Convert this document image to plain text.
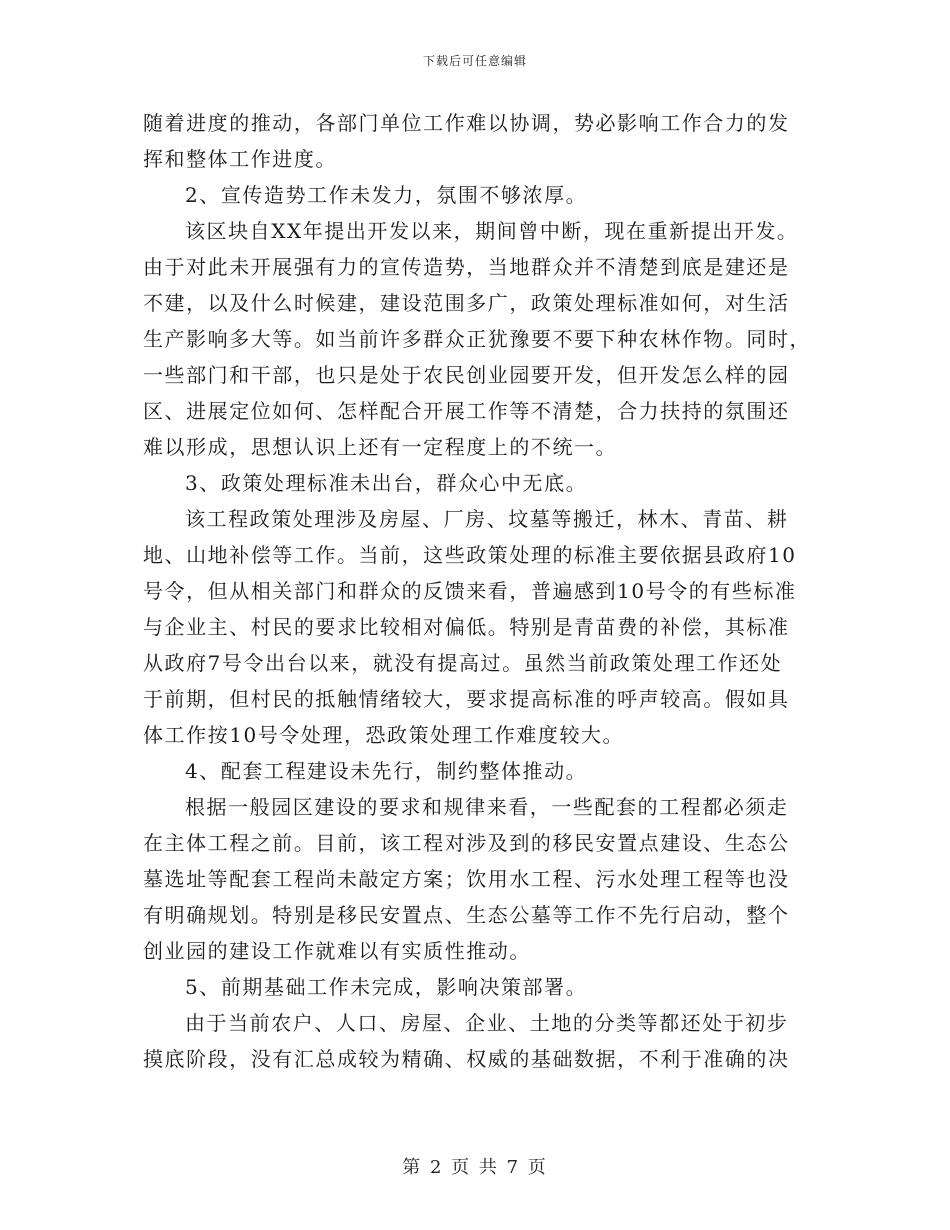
下载后可任意编辑
随着进度的推动，各部门单位工作难以协调，势必影响工作合力的发
挥和整体工作进度。
2、宣传造势工作未发力，氛围不够浓厚。
该区块自XX年提出开发以来，期间曾中断，现在重新提出开发。
由于对此未开展强有力的宣传造势，当地群众并不清楚到底是建还是
不建，以及什么时候建，建设范围多广，政策处理标准如何，对生活
生产影响多大等。如当前许多群众正犹豫要不要下种农林作物。同时，
一些部门和干部，也只是处于农民创业园要开发，但开发怎么样的园
区、进展定位如何、怎样配合开展工作等不清楚，合力扶持的氛围还
难以形成，思想认识上还有一定程度上的不统一。
3、政策处理标准未出台，群众心中无底。
该工程政策处理涉及房屋、厂房、坟墓等搬迁，林木、青苗、耕
地、山地补偿等工作。当前，这些政策处理的标准主要依据县政府10
号令，但从相关部门和群众的反馈来看，普遍感到10号令的有些标准
与企业主、村民的要求比较相对偏低。特别是青苗费的补偿，其标准
从政府7号令出台以来，就没有提高过。虽然当前政策处理工作还处
于前期，但村民的抵触情绪较大，要求提高标准的呼声较高。假如具
体工作按10号令处理，恐政策处理工作难度较大。
4、配套工程建设未先行，制约整体推动。
根据一般园区建设的要求和规律来看，一些配套的工程都必须走
在主体工程之前。目前，该工程对涉及到的移民安置点建设、生态公
墓选址等配套工程尚未敲定方案；饮用水工程、污水处理工程等也没
有明确规划。特别是移民安置点、生态公墓等工作不先行启动，整个
创业园的建设工作就难以有实质性推动。
5、前期基础工作未完成，影响决策部署。
由于当前农户、人口、房屋、企业、土地的分类等都还处于初步
摸底阶段，没有汇总成较为精确、权威的基础数据，不利于准确的决
第 2 页 共 7 页
